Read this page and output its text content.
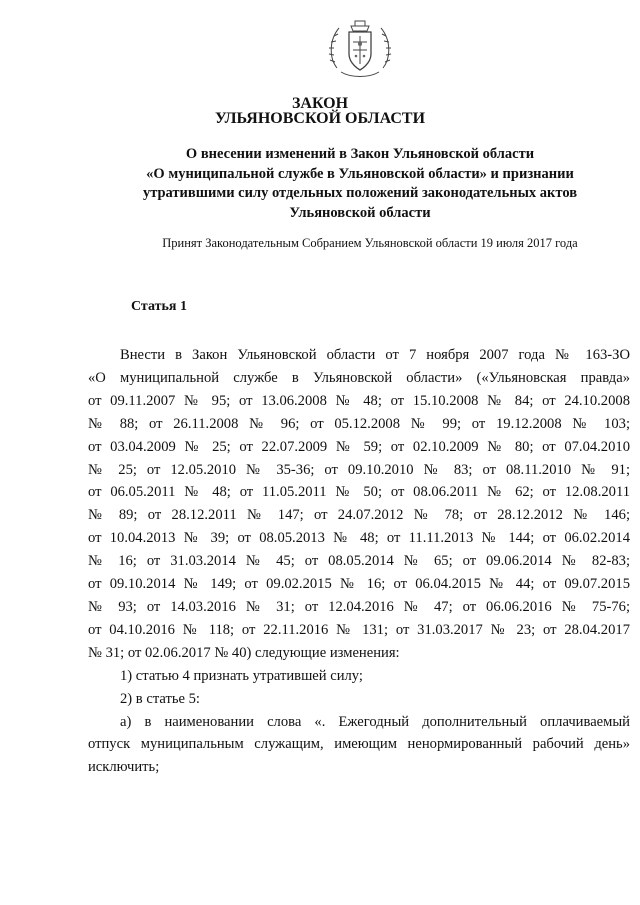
ЗАКОН
УЛЬЯНОВСКОЙ ОБЛАСТИ
О внесении изменений в Закон Ульяновской области
«О муниципальной службе в Ульяновской области» и признании
утратившими силу отдельных положений законодательных актов
Ульяновской области
Принят Законодательным Собранием Ульяновской области 19 июля 2017 года
Статья 1

Внести в Закон Ульяновской области от 7 ноября 2007 года № 163-ЗО

«О муниципальной службе в Ульяновской области» («Ульяновская правда»

от 09.11.2007 № 95; от 13.06.2008 № 48; от 15.10.2008 № 84; от 24.10.2008

№ 88; от 26.11.2008 № 96; от 05.12.2008 № 99; от 19.12.2008 № 103;

от 03.04.2009 № 25; от 22.07.2009 № 59; от 02.10.2009 № 80; от 07.04.2010

№ 25; от 12.05.2010 № 35-36; от 09.10.2010 № 83; от 08.11.2010 № 91;

от 06.05.2011 № 48; от 11.05.2011 № 50; от 08.06.2011 № 62; от 12.08.2011

№ 89; от 28.12.2011 № 147; от 24.07.2012 № 78; от 28.12.2012 № 146;

от 10.04.2013 № 39; от 08.05.2013 № 48; от 11.11.2013 № 144; от 06.02.2014

№ 16; от 31.03.2014 № 45; от 08.05.2014 № 65; от 09.06.2014 № 82-83;

от 09.10.2014 № 149; от 09.02.2015 № 16; от 06.04.2015 № 44; от 09.07.2015

№ 93; от 14.03.2016 № 31; от 12.04.2016 № 47; от 06.06.2016 № 75-76;

от 04.10.2016 № 118; от 22.11.2016 № 131; от 31.03.2017 № 23; от 28.04.2017

№ 31; от 02.06.2017 № 40) следующие изменения:

1) статью 4 признать утратившей силу;

2) в статье 5:

а) в наименовании слова «. Ежегодный дополнительный оплачиваемый

отпуск муниципальным служащим, имеющим ненормированный рабочий день»

исключить;
